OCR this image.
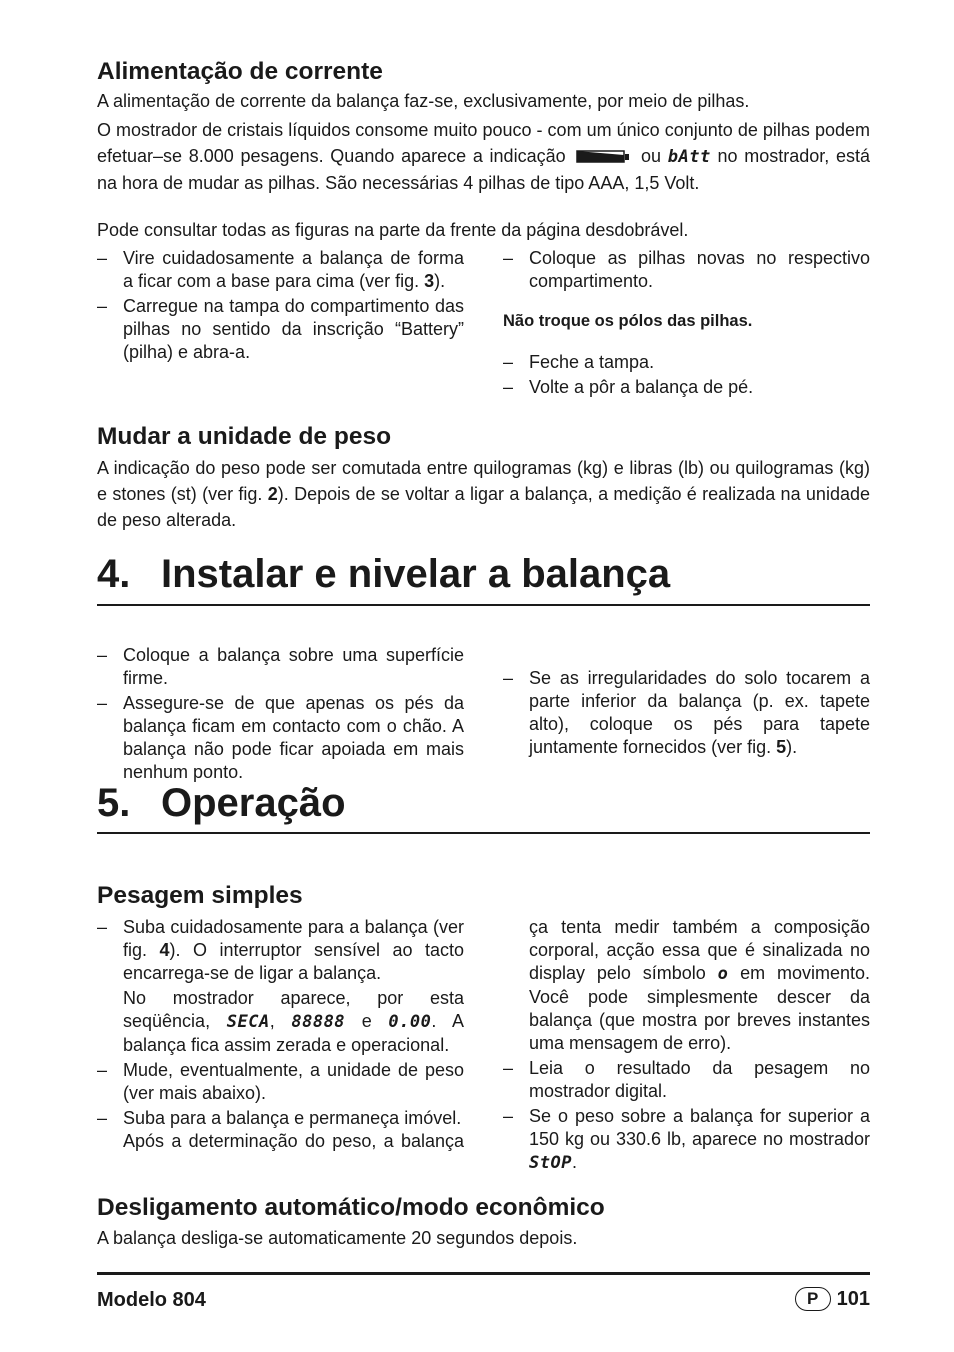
Alimentação de corrente

A alimentação de corrente da balança faz-se, exclusivamente, por meio de pilhas.

O mostrador de cristais líquidos consome muito pouco - com um único conjunto de pilhas podem efetuar–se 8.000 pesagens. Quando aparece a indicação	ou bAtt no mostrador, está na hora de mudar as pilhas. São necessárias 4 pilhas de tipo AAA, 1,5 Volt.

Pode consultar todas as figuras na parte da frente da página desdobrável.

– Vire cuidadosamente a balança de forma a ficar com a base para cima (ver fig. 3).
– Carregue na tampa do compartimento das pilhas no sentido da inscrição “Battery” (pilha) e abra-a.
– Coloque as pilhas novas no respectivo compartimento.
Não troque os pólos das pilhas.
– Feche a tampa.
– Volte a pôr a balança de pé.
Mudar a unidade de peso

A indicação do peso pode ser comutada entre quilogramas (kg) e libras (lb) ou quilogramas (kg) e stones (st) (ver fig. 2). Depois de se voltar a ligar a balança, a medição é realizada na unidade de peso alterada.

4. Instalar e nivelar a balança
– Coloque a balança sobre uma superfície firme.
– Assegure-se de que apenas os pés da balança ficam em contacto com o chão. A balança não pode ficar apoiada em mais nenhum ponto.
– Se as irregularidades do solo tocarem a parte inferior da balança (p. ex. tapete alto), coloque os pés para tapete juntamente fornecidos (ver fig. 5).
5. Operação
Pesagem simples
– Suba cuidadosamente para a balança (ver fig. 4). O interruptor sensível ao tacto encarrega-se de ligar a balança.
No mostrador aparece, por esta seqüência, SECA, 88888 e 0.00. A balança fica assim zerada e operacional.
– Mude, eventualmente, a unidade de peso (ver mais abaixo).
– Suba para a balança e permaneça imóvel.
Após a determinação do peso, a balança
ça tenta medir também a composição corporal, acção essa que é sinalizada no display pelo símbolo o em movimento. Você pode simplesmente descer da balança (que mostra por breves instantes uma mensagem de erro).
– Leia o resultado da pesagem no mostrador digital.
– Se o peso sobre a balança for superior a 150 kg ou 330.6 lb, aparece no mostrador StOP.
Desligamento automático/modo econômico

A balança desliga-se automaticamente 20 segundos depois.

Modelo 804	P 101
